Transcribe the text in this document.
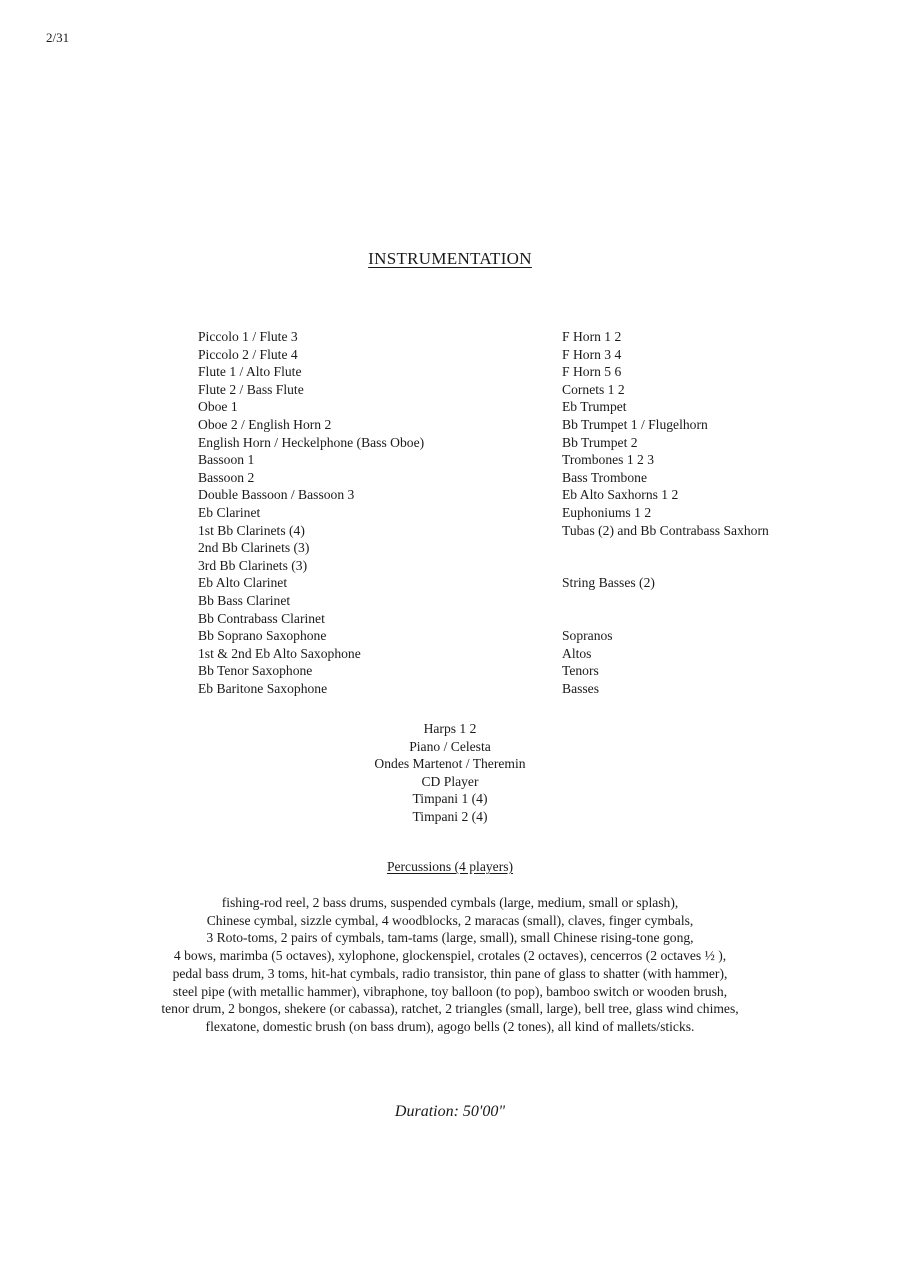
2/31
INSTRUMENTATION
Piccolo 1 / Flute 3
Piccolo 2 / Flute 4
Flute 1 / Alto Flute
Flute 2 / Bass Flute
Oboe 1
Oboe 2 / English Horn 2
English Horn / Heckelphone (Bass Oboe)
Bassoon 1
Bassoon 2
Double Bassoon / Bassoon 3
Eb Clarinet
1st Bb Clarinets (4)
2nd Bb Clarinets (3)
3rd Bb Clarinets (3)
Eb Alto Clarinet
Bb Bass Clarinet
Bb Contrabass Clarinet
Bb Soprano Saxophone
1st & 2nd Eb Alto Saxophone
Bb Tenor Saxophone
Eb Baritone Saxophone
F Horn 1 2
F Horn 3 4
F Horn 5 6
Cornets 1 2
Eb Trumpet
Bb Trumpet 1 / Flugelhorn
Bb Trumpet 2
Trombones 1 2 3
Bass Trombone
Eb Alto Saxhorns 1 2
Euphoniums 1 2
Tubas (2) and Bb Contrabass Saxhorn
String Basses (2)
Sopranos
Altos
Tenors
Basses
Harps 1 2
Piano / Celesta
Ondes Martenot / Theremin
CD Player
Timpani 1 (4)
Timpani 2 (4)
Percussions (4 players)
fishing-rod reel, 2 bass drums, suspended cymbals (large, medium, small or splash),
Chinese cymbal, sizzle cymbal, 4 woodblocks, 2 maracas (small), claves, finger cymbals,
3 Roto-toms, 2 pairs of cymbals, tam-tams (large, small), small Chinese rising-tone gong,
4 bows, marimba (5 octaves), xylophone, glockenspiel, crotales (2 octaves), cencerros (2 octaves ½ ),
pedal bass drum, 3 toms, hit-hat cymbals, radio transistor, thin pane of glass to shatter (with hammer),
steel pipe (with metallic hammer), vibraphone, toy balloon (to pop), bamboo switch or wooden brush,
tenor drum, 2 bongos, shekere (or cabassa), ratchet, 2 triangles (small, large), bell tree, glass wind chimes,
flexatone, domestic brush (on bass drum), agogo bells (2 tones), all kind of mallets/sticks.
Duration: 50'00"
